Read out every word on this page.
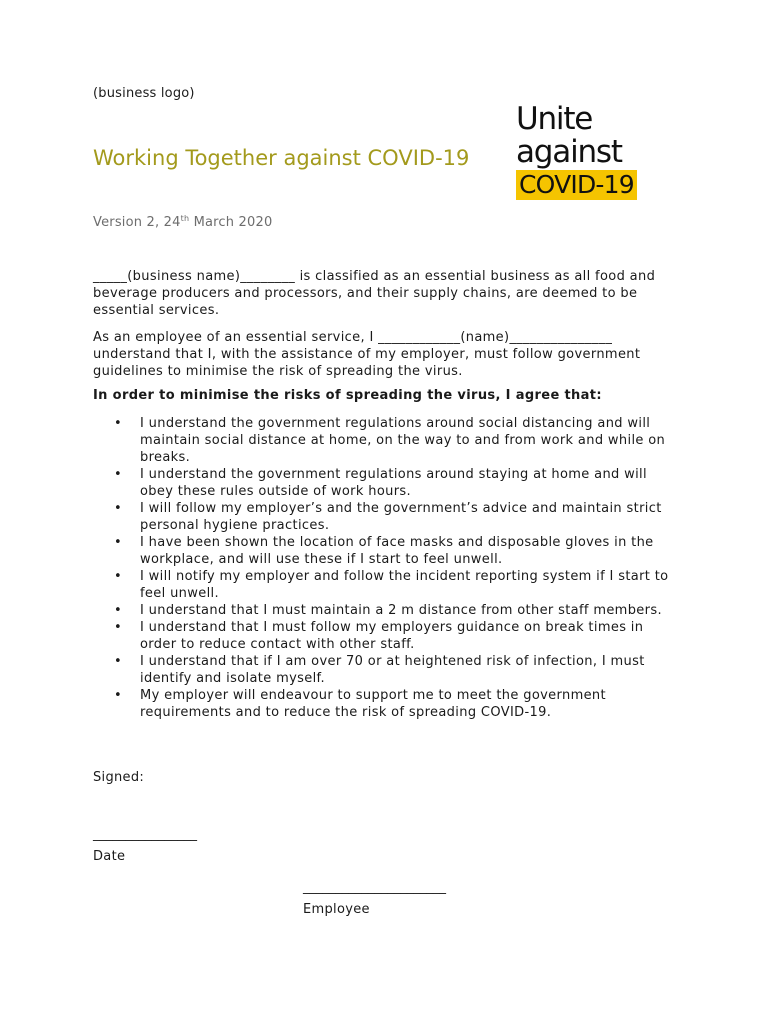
(business logo)
Working Together against COVID-19
Version 2, 24th March 2020
Unite
against
COVID-19

_____(business name)________ is classified as an essential business as all food and beverage producers and processors, and their supply chains, are deemed to be essential services.

As an employee of an essential service, I ____________(name)_______________ understand that I, with the assistance of my employer, must follow government guidelines to minimise the risk of spreading the virus.

In order to minimise the risks of spreading the virus, I agree that:

• I understand the government regulations around social distancing and will maintain social distance at home, on the way to and from work and while on breaks.
• I understand the government regulations around staying at home and will obey these rules outside of work hours.
• I will follow my employer’s and the government’s advice and maintain strict personal hygiene practices.
• I have been shown the location of face masks and disposable gloves in the workplace, and will use these if I start to feel unwell.
• I will notify my employer and follow the incident reporting system if I start to feel unwell.
• I understand that I must maintain a 2 m distance from other staff members.
• I understand that I must follow my employers guidance on break times in order to reduce contact with other staff.
• I understand that if I am over 70 or at heightened risk of infection, I must identify and isolate myself.
• My employer will endeavour to support me to meet the government requirements and to reduce the risk of spreading COVID-19.
Signed:
________________
Date
______________________
Employee
